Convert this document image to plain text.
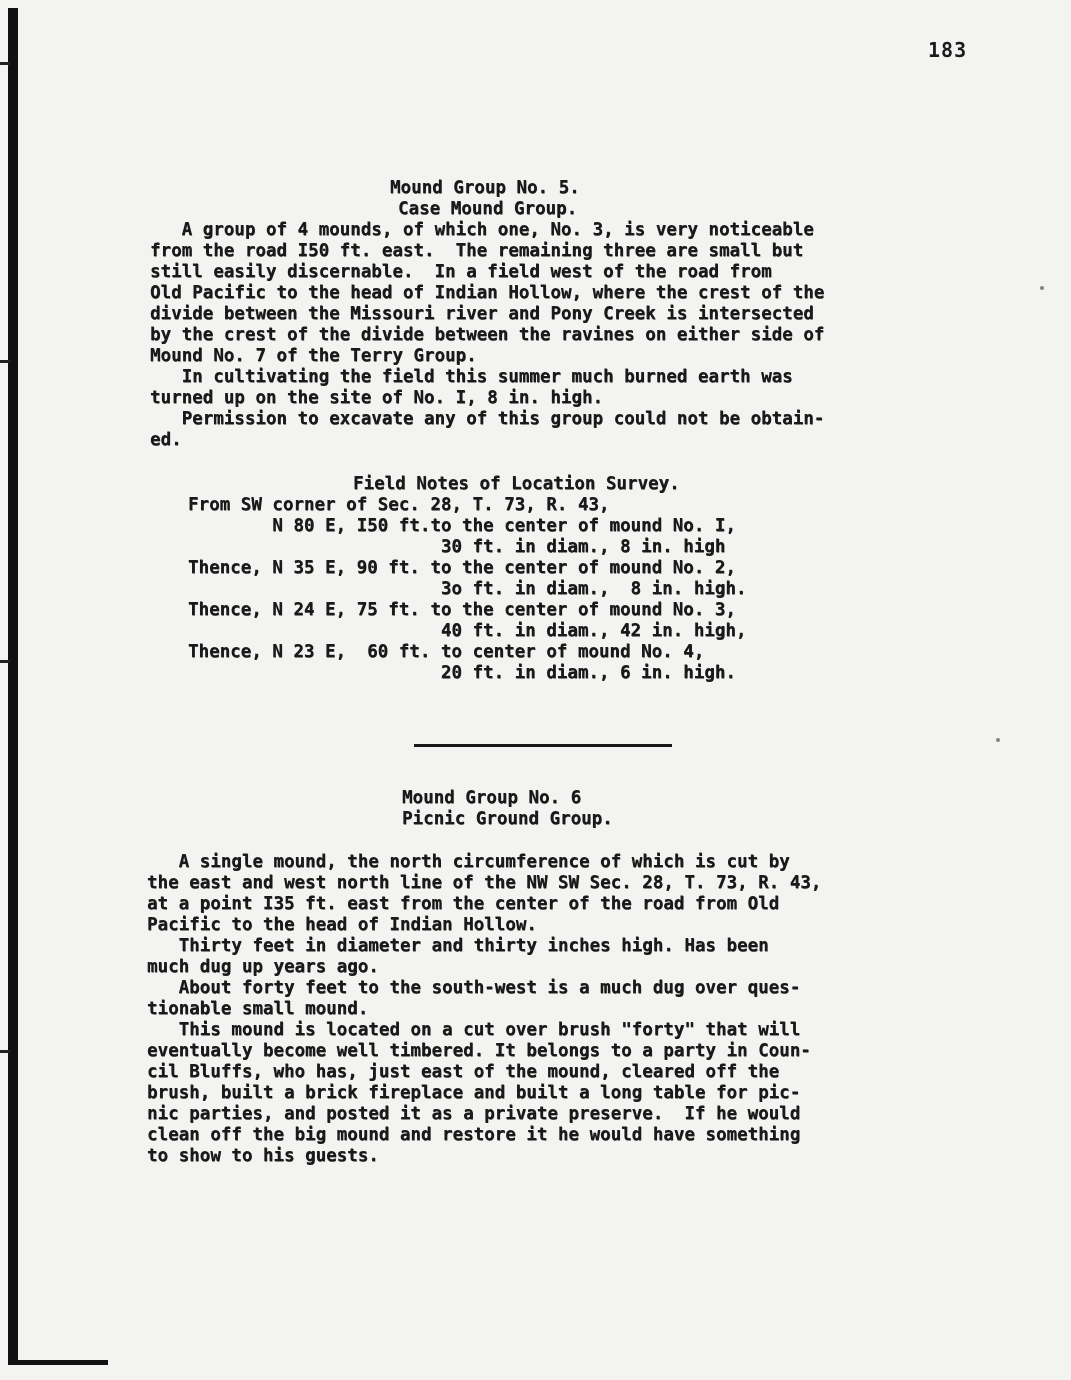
183
Mound Group No. 5.
Case Mound Group.
A group of 4 mounds, of which one, No. 3, is very noticeable
from the road I50 ft. east.  The remaining three are small but
still easily discernable.  In a field west of the road from
Old Pacific to the head of Indian Hollow, where the crest of the
divide between the Missouri river and Pony Creek is intersected
by the crest of the divide between the ravines on either side of
Mound No. 7 of the Terry Group.
In cultivating the field this summer much burned earth was
turned up on the site of No. I, 8 in. high.
Permission to excavate any of this group could not be obtain-
ed.
Field Notes of Location Survey.
From SW corner of Sec. 28, T. 73, R. 43,
N 80 E, I50 ft.to the center of mound No. I,
30 ft. in diam., 8 in. high
Thence, N 35 E, 90 ft. to the center of mound No. 2,
3o ft. in diam.,  8 in. high.
Thence, N 24 E, 75 ft. to the center of mound No. 3,
40 ft. in diam., 42 in. high,
Thence, N 23 E,  60 ft. to center of mound No. 4,
20 ft. in diam., 6 in. high.
Mound Group No. 6
Picnic Ground Group.
A single mound, the north circumference of which is cut by
the east and west north line of the NW SW Sec. 28, T. 73, R. 43,
at a point I35 ft. east from the center of the road from Old
Pacific to the head of Indian Hollow.
Thirty feet in diameter and thirty inches high. Has been
much dug up years ago.
About forty feet to the south-west is a much dug over ques-
tionable small mound.
This mound is located on a cut over brush "forty" that will
eventually become well timbered. It belongs to a party in Coun-
cil Bluffs, who has, just east of the mound, cleared off the
brush, built a brick fireplace and built a long table for pic-
nic parties, and posted it as a private preserve.  If he would
clean off the big mound and restore it he would have something
to show to his guests.
